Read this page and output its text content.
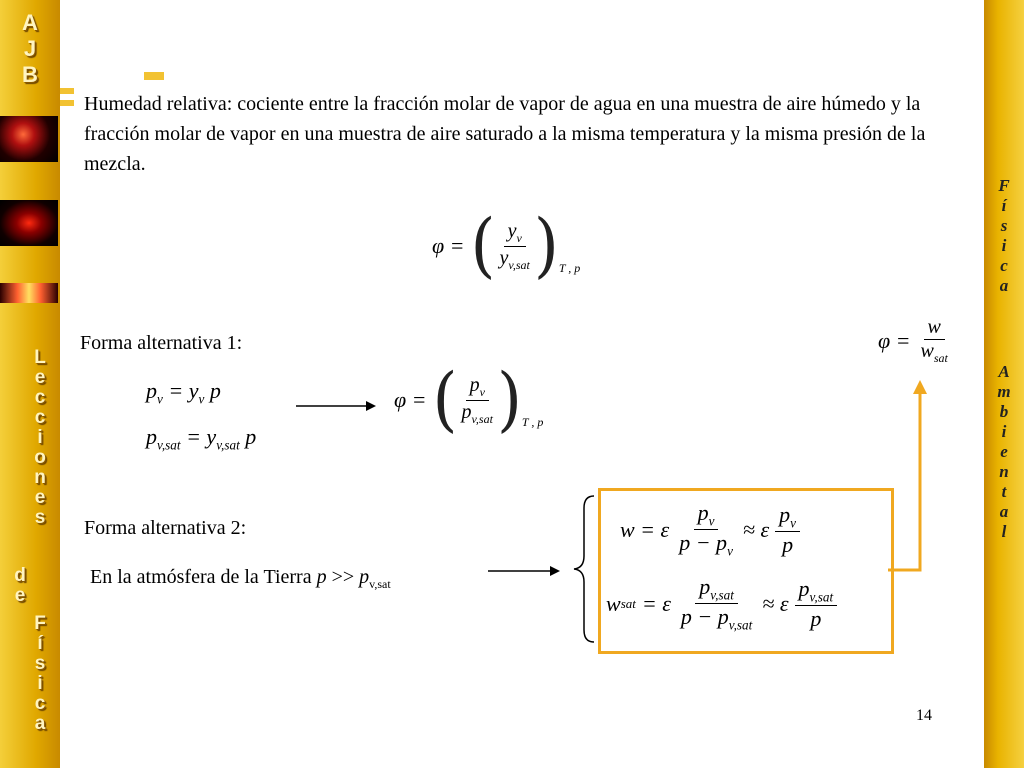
A
J
B
L
e
c
c
i
o
n
e
s
d
e
F
í
s
i
c
a
F
í
s
i
c
a
A
m
b
i
e
n
t
a
l
Humedad relativa: cociente entre la fracción molar de vapor de agua en una muestra de aire húmedo y la fracción molar de vapor en una muestra de aire saturado a la misma temperatura y la misma presión de la mezcla.
φ = ( $\frac{y_v}{y_{v,sat}}$ ) T , p
Forma alternativa 1:
$p_v = y_v$ p
$p_{v,sat} = y_{v,sat}$ p
φ = ( $\frac{p_v}{p_{v,sat}}$ ) T , p
$\varphi = \frac{w}{w_{sat}}$
Forma alternativa 2:
En la atmósfera de la Tierra $p >> p_{v,sat}$
w = ε $\frac{p_v}{p - p_v} \approx \varepsilon \frac{p_v}{p}$
w sat = ε $\frac{p_{v,sat}}{p - p_{v,sat}} \approx \varepsilon \frac{p_{v,sat}}{p}$
14
